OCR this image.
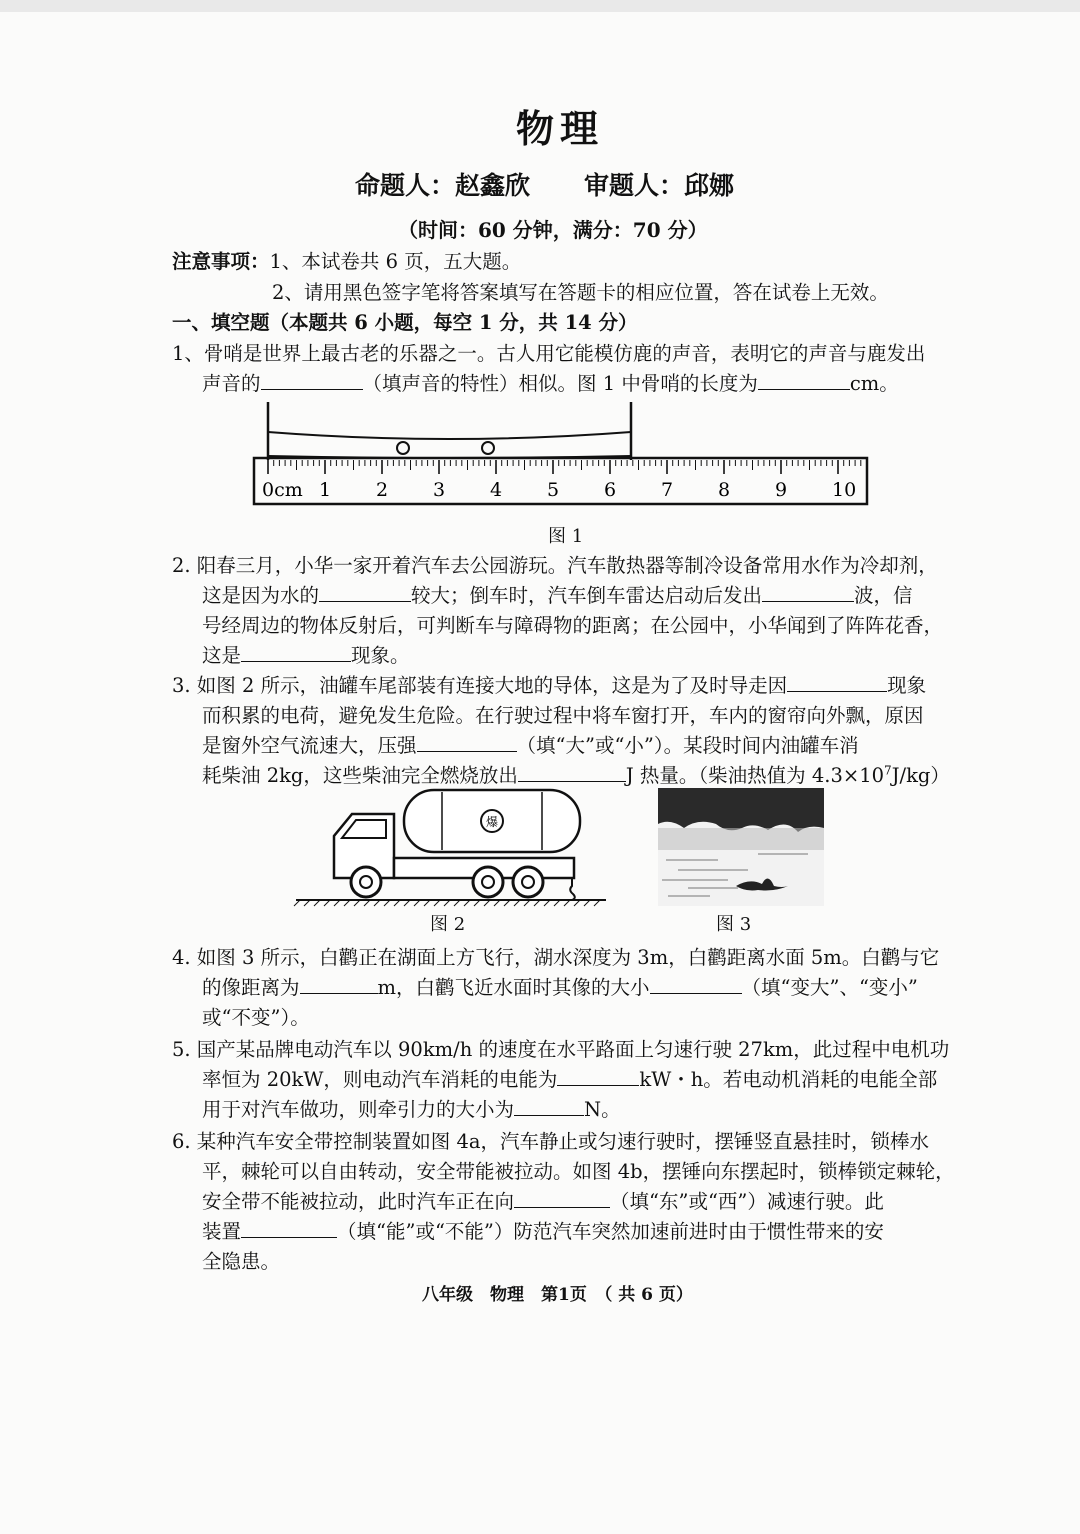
物理
命题人：赵鑫欣 审题人：邱娜
（时间：60 分钟，满分：70 分）
注意事项：1、本试卷共 6 页，五大题。
2、请用黑色签字笔将答案填写在答题卡的相应位置，答在试卷上无效。
一、填空题（本题共 6 小题，每空 1 分，共 14 分）
1、骨哨是世界上最古老的乐器之一。古人用它能模仿鹿的声音，表明它的声音与鹿发出
声音的	（填声音的特性）相似。图 1 中骨哨的长度为	cm。
0cm 1 2 3 4 5 6 7 8 9 10
图 1
2. 阳春三月，小华一家开着汽车去公园游玩。汽车散热器等制冷设备常用水作为冷却剂，
这是因为水的	较大；倒车时，汽车倒车雷达启动后发出	波，信
号经周边的物体反射后，可判断车与障碍物的距离；在公园中，小华闻到了阵阵花香，
这是	现象。
3. 如图 2 所示，油罐车尾部装有连接大地的导体，这是为了及时导走因	现象
而积累的电荷，避免发生危险。在行驶过程中将车窗打开，车内的窗帘向外飘，原因
是窗外空气流速大，压强	（填“大”或“小”）。某段时间内油罐车消
耗柴油 2kg，这些柴油完全燃烧放出	J 热量。（柴油热值为 $4.3\times 10^7J/kg$）
爆
图 2	图 3
4. 如图 3 所示，白鹳正在湖面上方飞行，湖水深度为 3m，白鹳距离水面 5m。白鹳与它
的像距离为	m，白鹳飞近水面时其像的大小	（填“变大”、“变小”
或“不变”）。
5. 国产某品牌电动汽车以 90km/h 的速度在水平路面上匀速行驶 27km，此过程中电机功
率恒为 20kW，则电动汽车消耗的电能为	kW・h。若电动机消耗的电能全部
用于对汽车做功，则牵引力的大小为	N。
6. 某种汽车安全带控制装置如图 4a，汽车静止或匀速行驶时，摆锤竖直悬挂时，锁棒水
平，棘轮可以自由转动，安全带能被拉动。如图 4b，摆锤向东摆起时，锁棒锁定棘轮，
安全带不能被拉动，此时汽车正在向	（填“东”或“西”）减速行驶。此
装置	（填“能”或“不能”）防范汽车突然加速前进时由于惯性带来的安
全隐患。
八年级　物理　第1页　（ 共 6 页）
